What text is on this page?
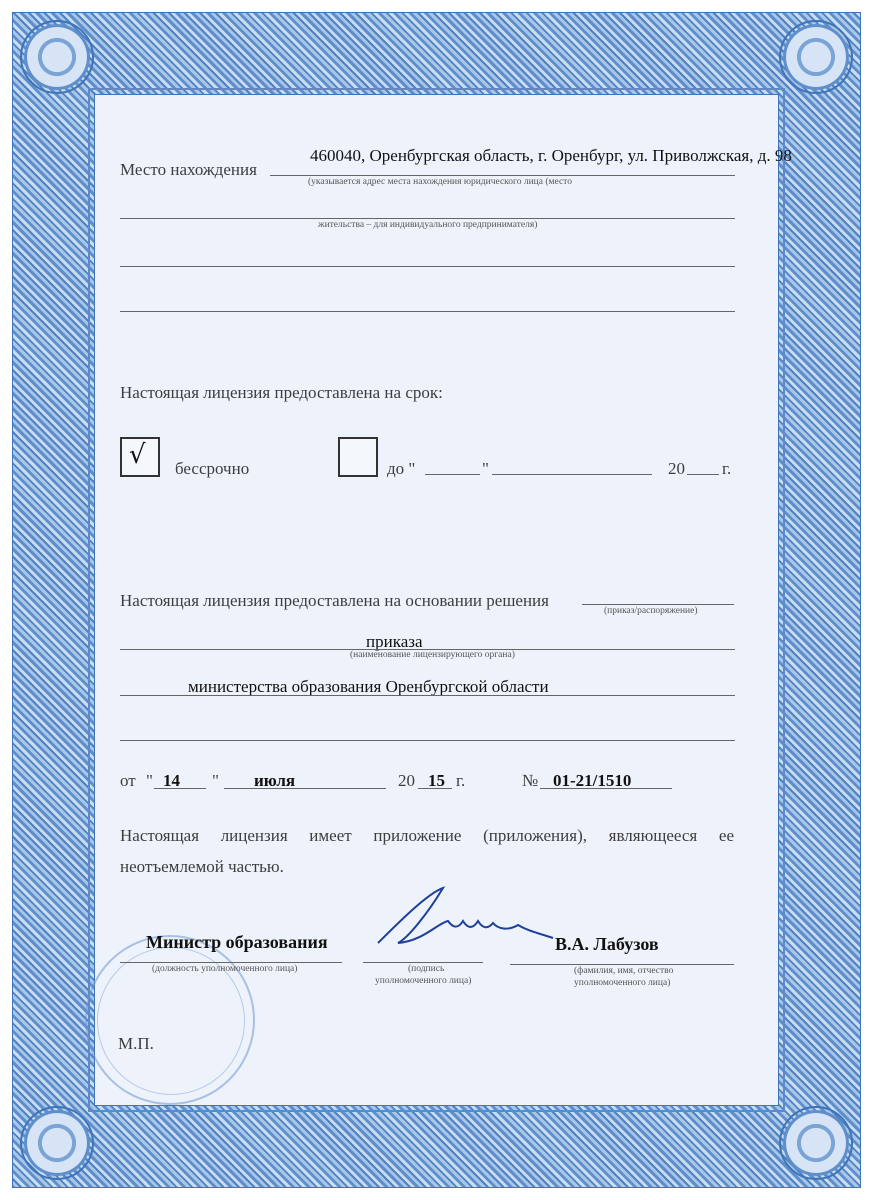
Место нахождения
460040, Оренбургская область, г. Оренбург, ул. Приволжская, д. 98
(указывается адрес места нахождения юридического лица (место
жительства – для индивидуального предпринимателя)
Настоящая лицензия предоставлена на срок:
√ бессрочно	до "	"	20 г.
Настоящая лицензия предоставлена на основании решения
(приказ/распоряжение)
приказа
(наименование лицензирующего органа)
министерства образования Оренбургской области
от " 14 " июля	20 15 г.	№ 01-21/1510
Настоящая лицензия имеет приложение (приложения), являющееся ее
неотъемлемой частью.
Министр образования
(должность уполномоченного лица)	(подпись
уполномоченного лица)
В.А. Лабузов
(фамилия, имя, отчество
уполномоченного лица)
М.П.
